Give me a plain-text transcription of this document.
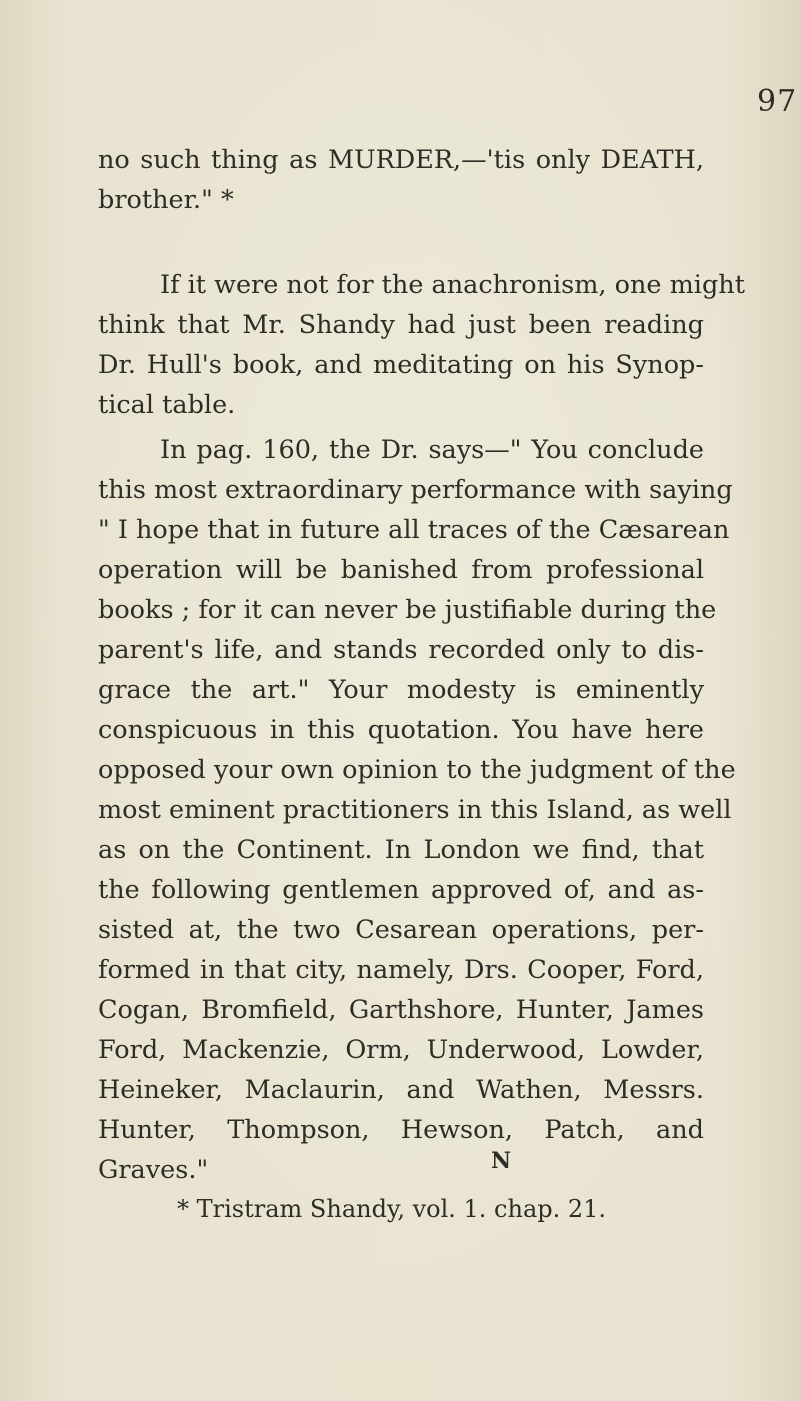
97
no such thing as MURDER,—'tis only DEATH,
brother." *
If it were not for the anachronism, one might
think that Mr. Shandy had just been reading
Dr. Hull's book, and meditating on his Synop-
tical table.
In pag. 160, the Dr. says—" You conclude
this most extraordinary performance with saying
" I hope that in future all traces of the Cæsarean
operation will be banished from professional
books ; for it can never be justifiable during the
parent's life, and stands recorded only to dis-
grace the art." Your modesty is eminently
conspicuous in this quotation. You have here
opposed your own opinion to the judgment of the
most eminent practitioners in this Island, as well
as on the Continent. In London we find, that
the following gentlemen approved of, and as-
sisted at, the two Cesarean operations, per-
formed in that city, namely, Drs. Cooper, Ford,
Cogan, Bromfield, Garthshore, Hunter, James
Ford, Mackenzie, Orm, Underwood, Lowder,
Heineker, Maclaurin, and Wathen, Messrs.
Hunter, Thompson, Hewson, Patch, and
Graves."	N
* Tristram Shandy, vol. 1. chap. 21.
